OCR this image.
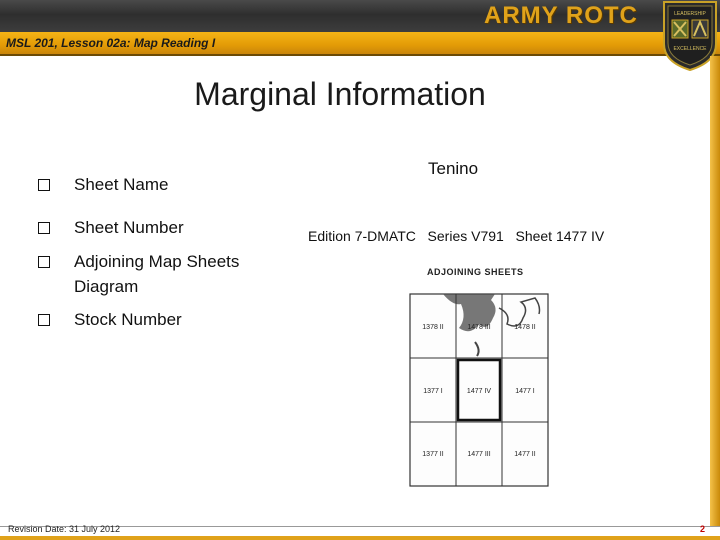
MSL 201, Lesson 02a: Map Reading I
ARMY ROTC	LEADERSHIP
EXCELLENCE
Marginal Information
Sheet Name
Sheet Number
Adjoining Map Sheets Diagram
Stock Number
Tenino
Edition 7-DMATC   Series V791   Sheet 1477 IV
ADJOINING SHEETS
1378 II	1478 III	1478 II
1377 I	1477 IV	1477 I
1377 II	1477 III	1477 II
Revision Date: 31 July 2012	2
